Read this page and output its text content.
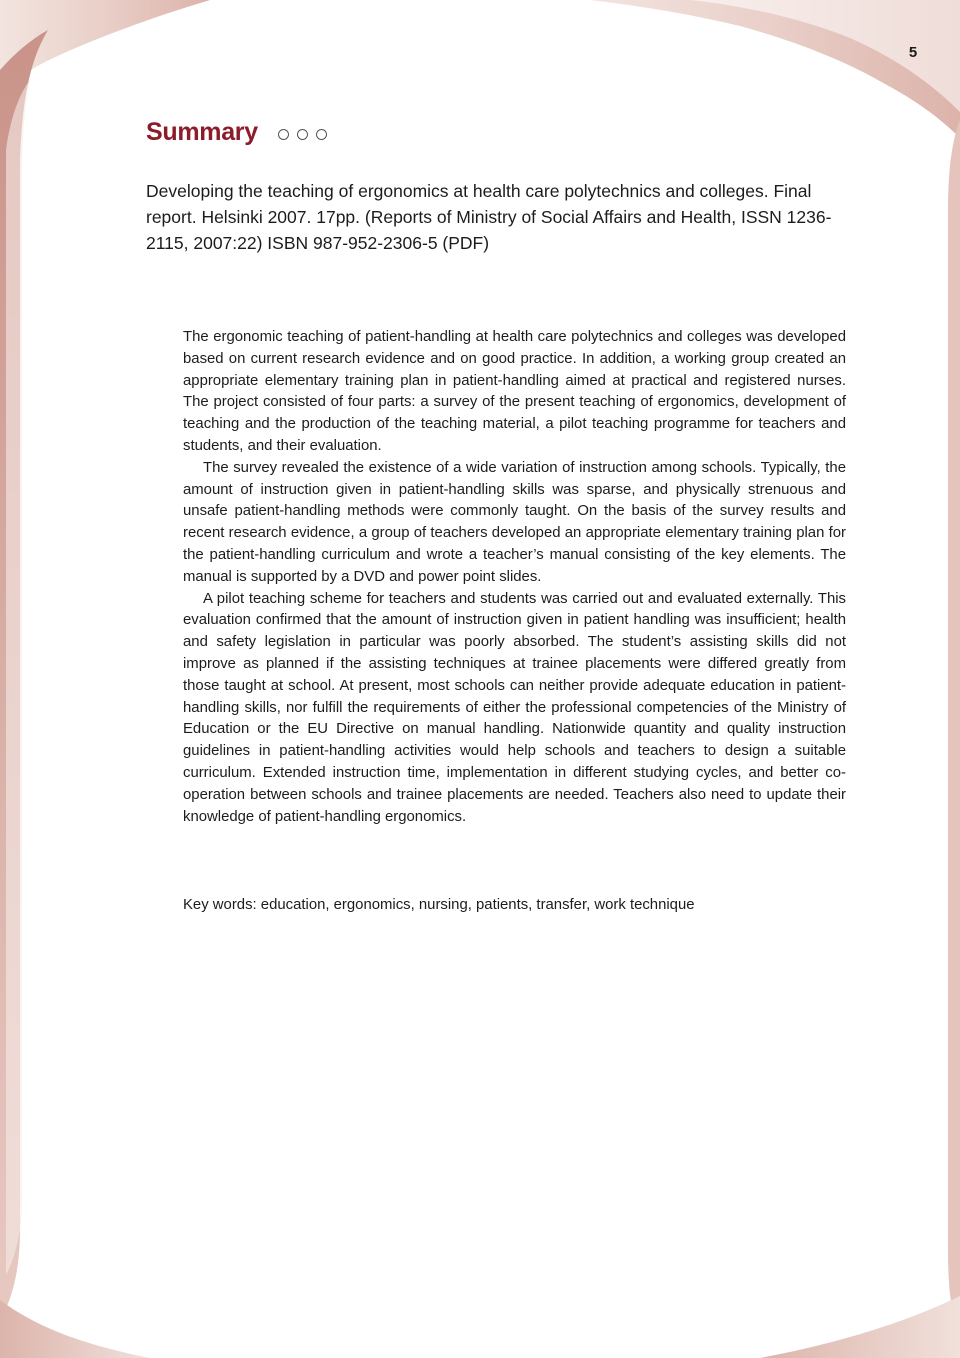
5
Summary
Developing the teaching of ergonomics at health care polytechnics and colleges. Final report. Helsinki 2007. 17pp. (Reports of Ministry of Social Affairs and Health, ISSN 1236-2115, 2007:22) ISBN 987-952-2306-5 (PDF)

The ergonomic teaching of patient-handling at health care polytechnics and colleges was developed based on current research evidence and on good practice. In addition, a working group created an appropriate elementary training plan in patient-handling aimed at practical and registered nurses. The project consisted of four parts: a survey of the present teaching of ergonomics, development of teaching and the production of the teaching material, a pilot teaching programme for teachers and students, and their evaluation.

The survey revealed the existence of a wide variation of instruction among schools. Typically, the amount of instruction given in patient-handling skills was sparse, and physically strenuous and unsafe patient-handling methods were commonly taught. On the basis of the survey results and recent research evidence, a group of teachers developed an appropriate elementary training plan for the patient-handling curriculum and wrote a teacher’s manual consisting of the key elements. The manual is supported by a DVD and power point slides.

A pilot teaching scheme for teachers and students was carried out and evaluated externally. This evaluation confirmed that the amount of instruction given in patient handling was insufficient; health and safety legislation in particular was poorly absorbed. The student’s assisting skills did not improve as planned if the assisting techniques at trainee placements were differed greatly from those taught at school. At present, most schools can neither provide adequate education in patient-handling skills, nor fulfill the requirements of either the professional competencies of the Ministry of Education or the EU Directive on manual handling. Nationwide quantity and quality instruction guidelines in patient-handling activities would help schools and teachers to design a suitable curriculum. Extended instruction time, implementation in different studying cycles, and better co-operation between schools and trainee placements are needed. Teachers also need to update their knowledge of patient-handling ergonomics.

Key words: education, ergonomics, nursing, patients, transfer, work technique
